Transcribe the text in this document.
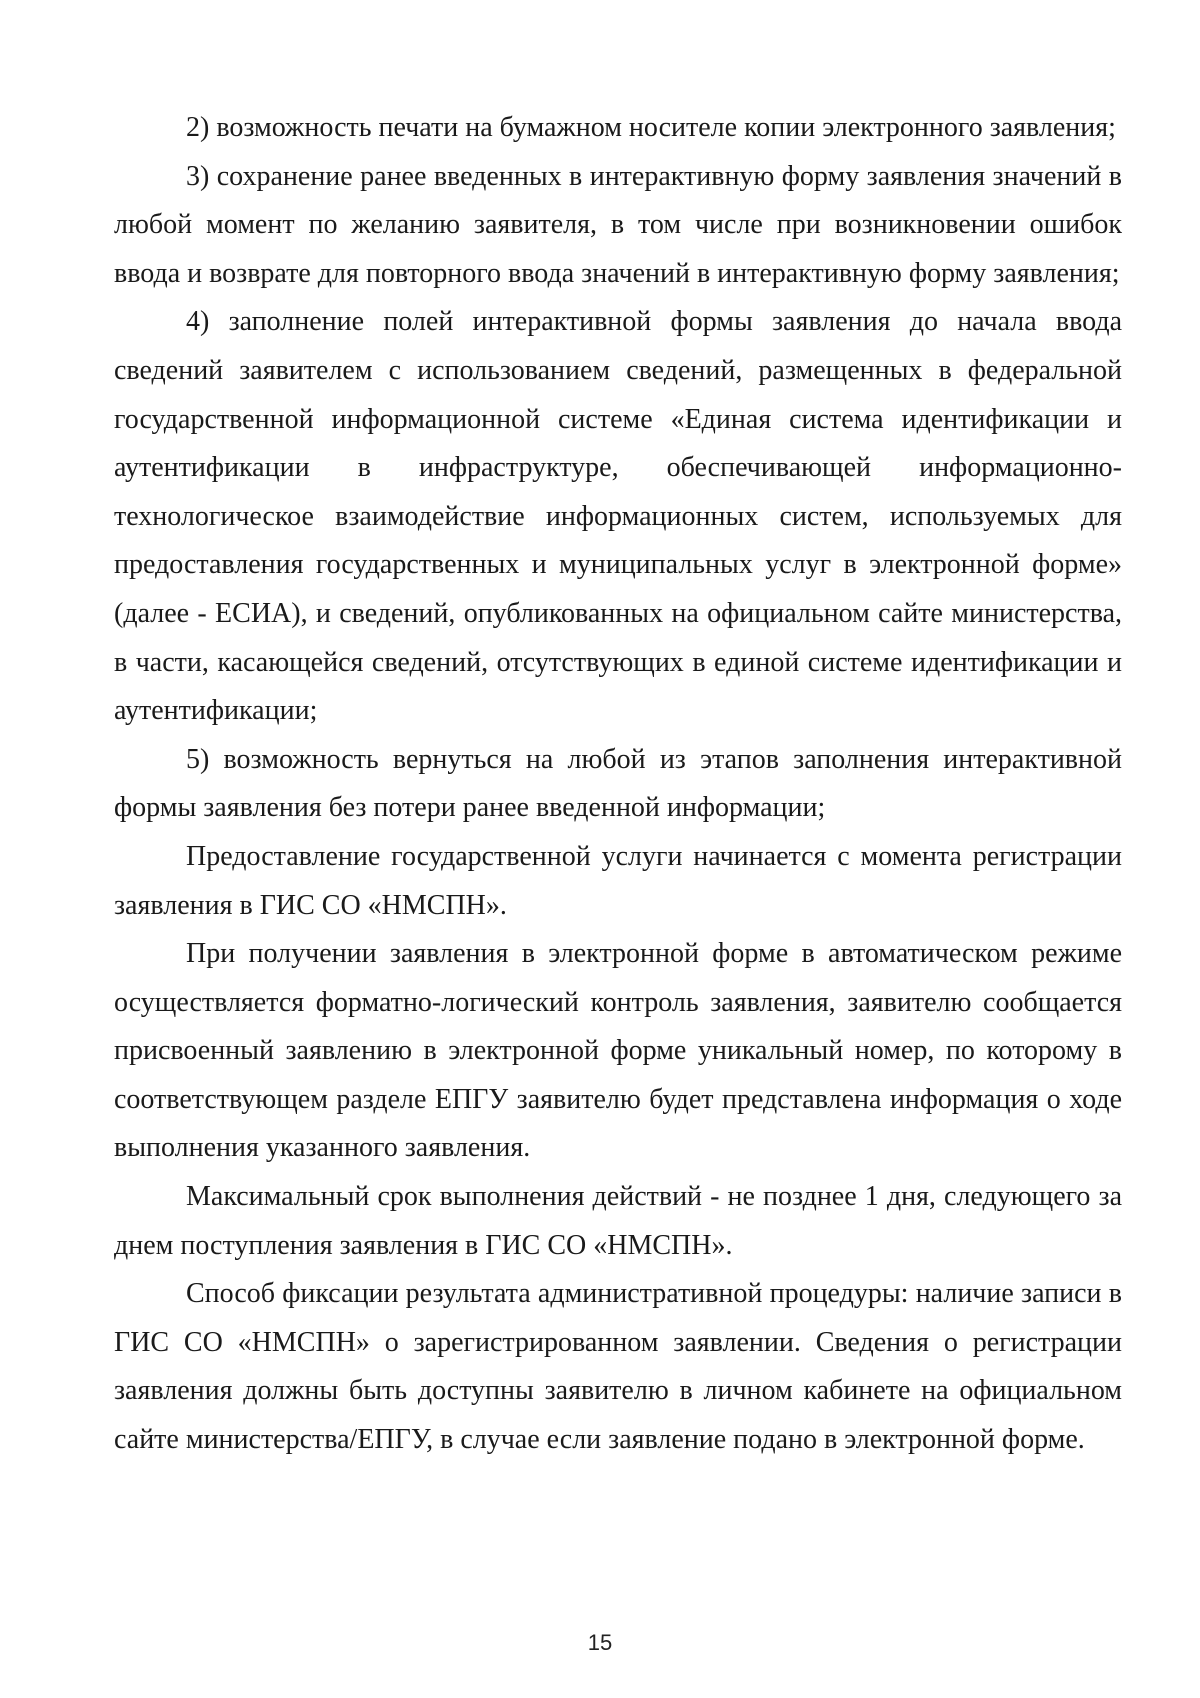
2) возможность печати на бумажном носителе копии электронного заявления;

3) сохранение ранее введенных в интерактивную форму заявления значений в любой момент по желанию заявителя, в том числе при возникновении ошибок ввода и возврате для повторного ввода значений в интерактивную форму заявления;

4) заполнение полей интерактивной формы заявления до начала ввода сведений заявителем с использованием сведений, размещенных в федеральной государственной информационной системе «Единая система идентификации и аутентификации в инфраструктуре, обеспечивающей информационно-технологическое взаимодействие информационных систем, используемых для предоставления государственных и муниципальных услуг в электронной форме» (далее - ЕСИА), и сведений, опубликованных на официальном сайте министерства, в части, касающейся сведений, отсутствующих в единой системе идентификации и аутентификации;

5) возможность вернуться на любой из этапов заполнения интерактивной формы заявления без потери ранее введенной информации;

Предоставление государственной услуги начинается с момента регистрации заявления в ГИС СО «НМСПН».

При получении заявления в электронной форме в автоматическом режиме осуществляется форматно-логический контроль заявления, заявителю сообщается присвоенный заявлению в электронной форме уникальный номер, по которому в соответствующем разделе ЕПГУ заявителю будет представлена информация о ходе выполнения указанного заявления.

Максимальный срок выполнения действий - не позднее 1 дня, следующего за днем поступления заявления в ГИС СО «НМСПН».

Способ фиксации результата административной процедуры: наличие записи в ГИС СО «НМСПН» о зарегистрированном заявлении. Сведения о регистрации заявления должны быть доступны заявителю в личном кабинете на официальном сайте министерства/ЕПГУ, в случае если заявление подано в электронной форме.

15
